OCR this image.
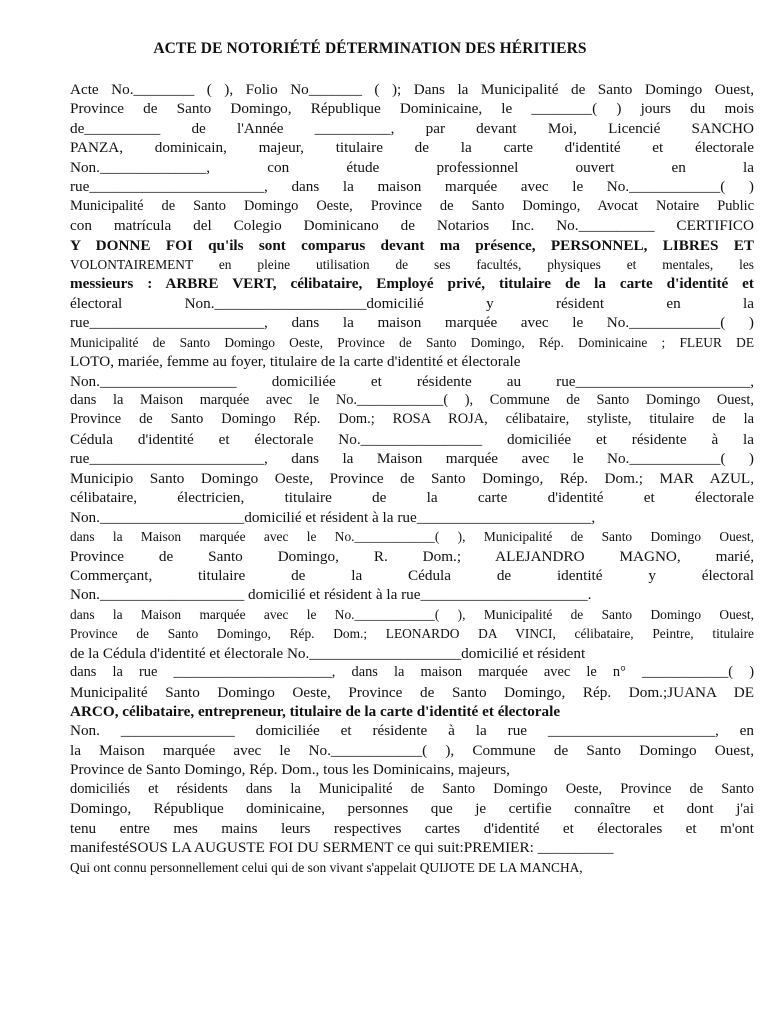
ACTE DE NOTORIÉTÉ DÉTERMINATION DES HÉRITIERS
Acte No.________ ( ), Folio No_______ ( ); Dans la Municipalité de Santo Domingo Ouest,
Province de Santo Domingo, République Dominicaine, le ________( ) jours du mois
de__________ de l'Année __________, par devant Moi, Licencié SANCHO
PANZA, dominicain, majeur, titulaire de la carte d'identité et électorale
Non.______________, con étude professionnel ouvert en la
rue_______________________, dans la maison marquée avec le No.____________( )
Municipalité de Santo Domingo Oeste, Province de Santo Domingo, Avocat Notaire Public
con matrícula del Colegio Dominicano de Notarios Inc. No.__________ CERTIFICO
Y DONNE FOI qu'ils sont comparus devant ma présence, PERSONNEL, LIBRES ET
VOLONTAIREMENT en pleine utilisation de ses facultés, physiques et mentales, les
messieurs : ARBRE VERT, célibataire, Employé privé, titulaire de la carte d'identité et
électoral Non.____________________domicilié y résident en la
rue_______________________, dans la maison marquée avec le No.____________( )
Municipalité de Santo Domingo Oeste, Province de Santo Domingo, Rép. Dominicaine ; FLEUR DE
LOTO, mariée, femme au foyer, titulaire de la carte d'identité et électorale
Non.__________________ domiciliée et résidente au rue_______________________,
dans la Maison marquée avec le No.____________( ), Commune de Santo Domingo Ouest,
Province de Santo Domingo Rép. Dom.; ROSA ROJA, célibataire, styliste, titulaire de la
Cédula d'identité et électorale No.________________ domiciliée et résidente à la
rue_______________________, dans la Maison marquée avec le No.____________( )
Municipio Santo Domingo Oeste, Province de Santo Domingo, Rép. Dom.; MAR AZUL,
célibataire, électricien, titulaire de la carte d'identité et électorale
Non.___________________domicilié et résident à la rue_______________________,
dans la Maison marquée avec le No.____________( ), Municipalité de Santo Domingo Ouest,
Province de Santo Domingo, R. Dom.; ALEJANDRO MAGNO, marié,
Commerçant, titulaire de la Cédula de identité y électoral
Non.___________________ domicilié et résident à la rue______________________.
dans la Maison marquée avec le No.____________( ), Municipalité de Santo Domingo Ouest,
Province de Santo Domingo, Rép. Dom.; LEONARDO DA VINCI, célibataire, Peintre, titulaire
de la Cédula d'identité et électorale No.____________________domicilié et résident
dans la rue ______________________, dans la maison marquée avec le n° ____________( )
Municipalité Santo Domingo Oeste, Province de Santo Domingo, Rép. Dom.;JUANA DE
ARCO, célibataire, entrepreneur, titulaire de la carte d'identité et électorale
Non. _______________ domiciliée et résidente à la rue ______________________, en
la Maison marquée avec le No.____________( ), Commune de Santo Domingo Ouest,
Province de Santo Domingo, Rép. Dom., tous les Dominicains, majeurs,
domiciliés et résidents dans la Municipalité de Santo Domingo Oeste, Province de Santo
Domingo, République dominicaine, personnes que je certifie connaître et dont j'ai
tenu entre mes mains leurs respectives cartes d'identité et électorales et m'ont
manifestéSOUS LA AUGUSTE FOI DU SERMENT ce qui suit:PREMIER: __________
Qui ont connu personnellement celui qui de son vivant s'appelait QUIJOTE DE LA MANCHA,
